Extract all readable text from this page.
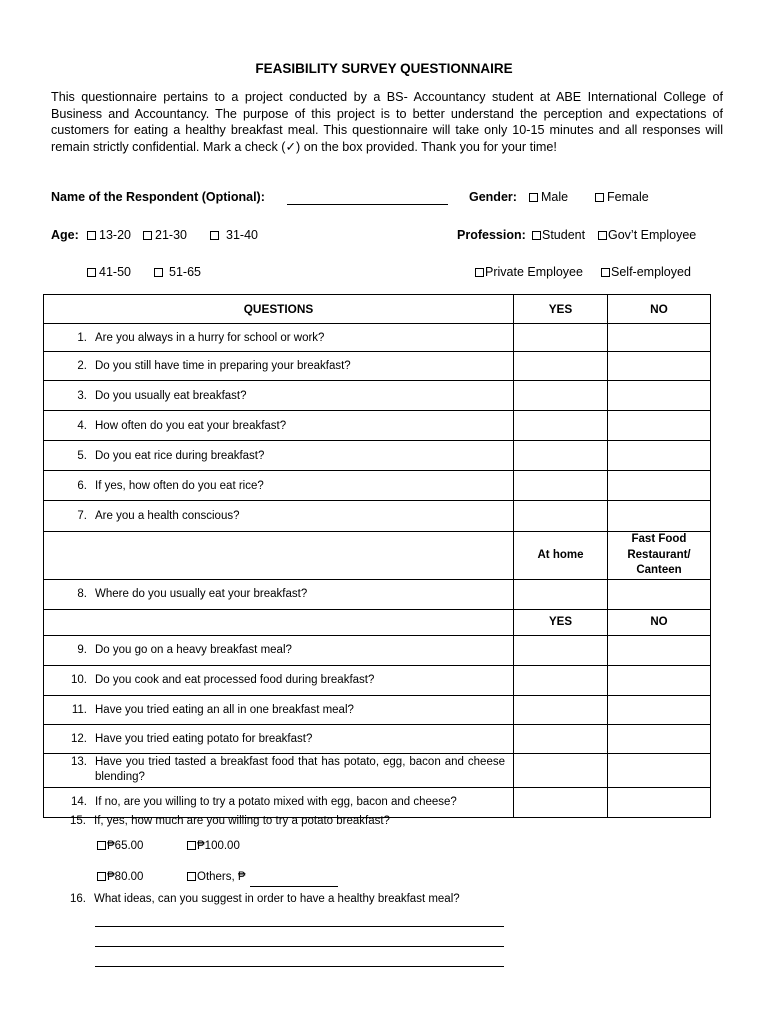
FEASIBILITY SURVEY QUESTIONNAIRE
This questionnaire pertains to a project conducted by a BS- Accountancy student at ABE International College of Business and Accountancy. The purpose of this project is to better understand the perception and expectations of customers for eating a healthy breakfast meal. This questionnaire will take only 10-15 minutes and all responses will remain strictly confidential. Mark a check (✓) on the box provided. Thank you for your time!
Name of the Respondent (Optional):	Gender:	Male	Female
Age:	13-20	21-30	31-40	Profession:	Student	Gov’t Employee
41-50	51-65	Private Employee	Self-employed
QUESTIONS	YES	NO
1. Are you always in a hurry for school or work?		
2. Do you still have time in preparing your breakfast?		
3. Do you usually eat breakfast?		
4. How often do you eat your breakfast?		
5. Do you eat rice during breakfast?		
6. If yes, how often do you eat rice?		
7. Are you a health conscious?		
	At home	Fast Food Restaurant/ Canteen
8. Where do you usually eat your breakfast?		
	YES	NO
9. Do you go on a heavy breakfast meal?		
10. Do you cook and eat processed food during breakfast?		
11. Have you tried eating an all in one breakfast meal?		
12. Have you tried eating potato for breakfast?		
13. Have you tried tasted a breakfast food that has potato, egg, bacon and cheese blending?		
14. If no, are you willing to try a potato mixed with egg, bacon and cheese?		
15. If, yes, how much are you willing to try a potato breakfast?
₱65.00	₱100.00
₱80.00	Others, ₱
16. What ideas, can you suggest in order to have a healthy breakfast meal?
